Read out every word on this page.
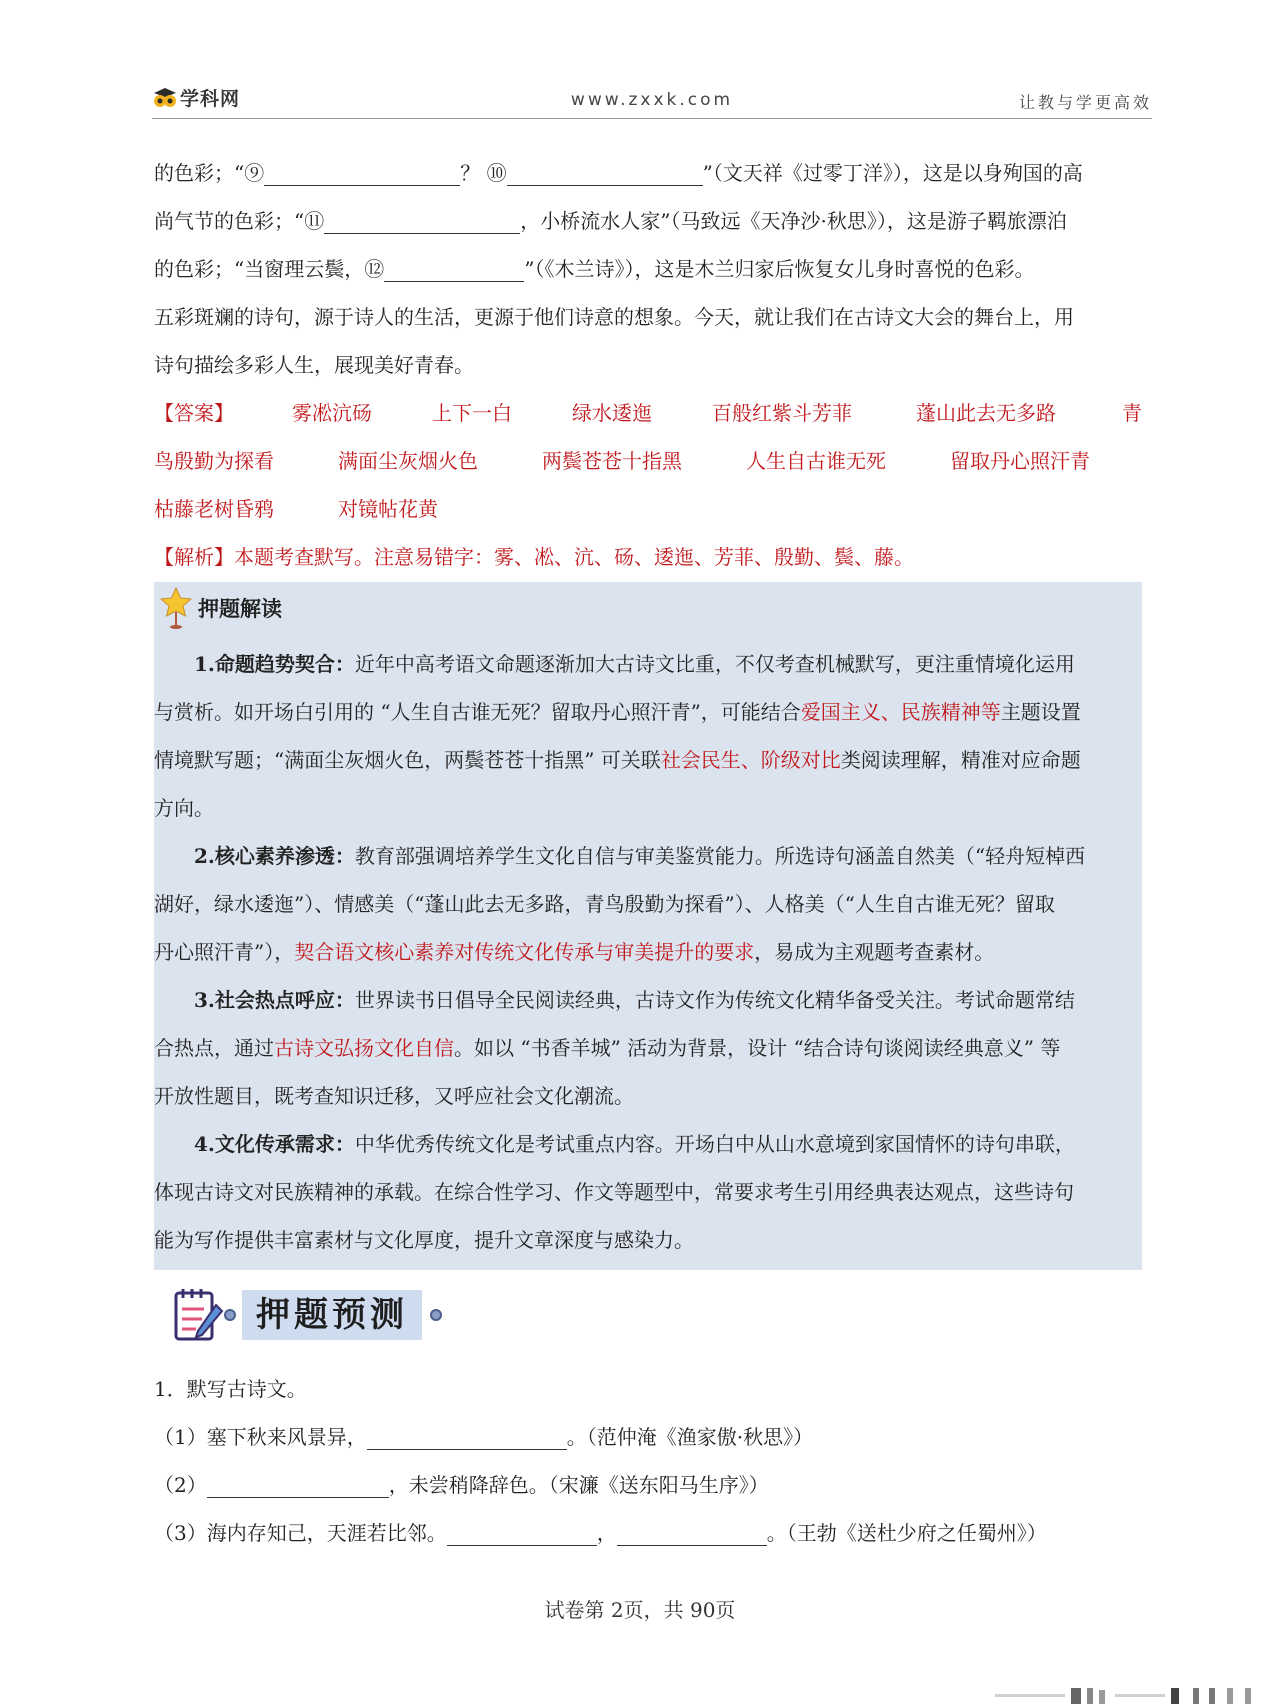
学科网	www.zxxk.com	让教与学更高效

的色彩；“⑨	？ ⑩	”（文天祥《过零丁洋》），这是以身殉国的高

尚气节的色彩；“⑪	，小桥流水人家”（马致远《天净沙·秋思》），这是游子羁旅漂泊

的色彩；“当窗理云鬓，⑫	”（《木兰诗》），这是木兰归家后恢复女儿身时喜悦的色彩。

五彩斑斓的诗句，源于诗人的生活，更源于他们诗意的想象。今天，就让我们在古诗文大会的舞台上，用

诗句描绘多彩人生，展现美好青春。

【答案】	雾凇沆砀	上下一白	绿水逶迤	百般红紫斗芳菲	蓬山此去无多路	青
鸟殷勤为探看	满面尘灰烟火色	两鬓苍苍十指黑	人生自古谁无死	留取丹心照汗青
枯藤老树昏鸦	对镜帖花黄

【解析】本题考查默写。注意易错字：雾、凇、沆、砀、逶迤、芳菲、殷勤、鬓、藤。

押题解读

1.命题趋势契合：近年中高考语文命题逐渐加大古诗文比重，不仅考查机械默写，更注重情境化运用

与赏析。如开场白引用的 “人生自古谁无死？留取丹心照汗青”，可能结合爱国主义、民族精神等主题设置

情境默写题；“满面尘灰烟火色，两鬓苍苍十指黑” 可关联社会民生、阶级对比类阅读理解，精准对应命题

方向。

2.核心素养渗透：教育部强调培养学生文化自信与审美鉴赏能力。所选诗句涵盖自然美（“轻舟短棹西

湖好，绿水逶迤”）、情感美（“蓬山此去无多路，青鸟殷勤为探看”）、人格美（“人生自古谁无死？留取

丹心照汗青”），契合语文核心素养对传统文化传承与审美提升的要求，易成为主观题考查素材。

3.社会热点呼应：世界读书日倡导全民阅读经典，古诗文作为传统文化精华备受关注。考试命题常结

合热点，通过古诗文弘扬文化自信。如以 “书香羊城” 活动为背景，设计 “结合诗句谈阅读经典意义” 等

开放性题目，既考查知识迁移，又呼应社会文化潮流。

4.文化传承需求：中华优秀传统文化是考试重点内容。开场白中从山水意境到家国情怀的诗句串联，

体现古诗文对民族精神的承载。在综合性学习、作文等题型中，常要求考生引用经典表达观点，这些诗句

能为写作提供丰富素材与文化厚度，提升文章深度与感染力。

押题预测

1．默写古诗文。

（1）塞下秋来风景异，	。（范仲淹《渔家傲·秋思》）

（2）	，未尝稍降辞色。（宋濂《送东阳马生序》）

（3）海内存知己，天涯若比邻。	，	。（王勃《送杜少府之任蜀州》）

试卷第 2页，共 90页
